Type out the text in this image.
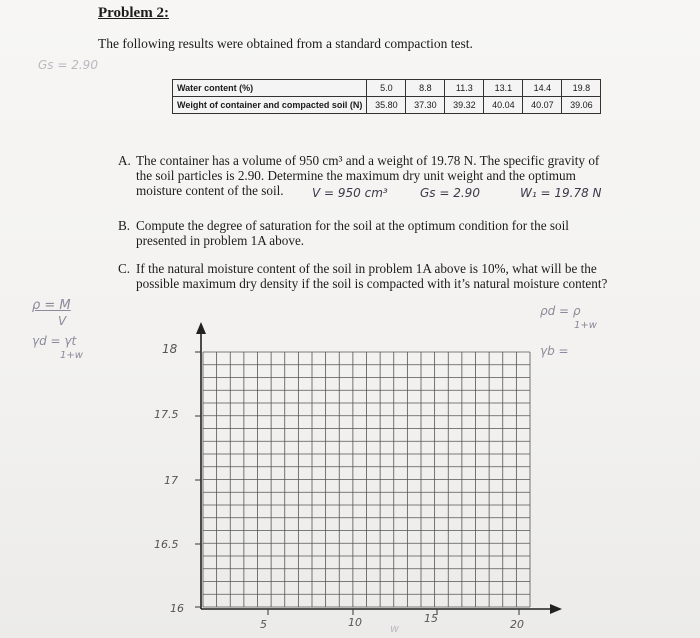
Problem 2:
The following results were obtained from a standard compaction test.
Gs = 2.90
Water content (%)	5.0	8.8	11.3	13.1	14.4	19.8
Weight of container and compacted soil (N)	35.80	37.30	39.32	40.04	40.07	39.06
A. The container has a volume of 950 cm³ and a weight of 19.78 N. The specific gravity of
the soil particles is 2.90. Determine the maximum dry unit weight and the optimum
moisture content of the soil.	V = 950 cm³	Gs = 2.90	W₁ = 19.78 N
B. Compute the degree of saturation for the soil at the optimum condition for the soil
presented in problem 1A above.
C. If the natural moisture content of the soil in problem 1A above is 10%, what will be the
possible maximum dry density if the soil is compacted with it’s natural moisture content?
ρ = M
V
γd = γt
1+w
ρd = ρ
1+w
γb =
18
17.5
17
16.5
16
5	10	15	20
w
